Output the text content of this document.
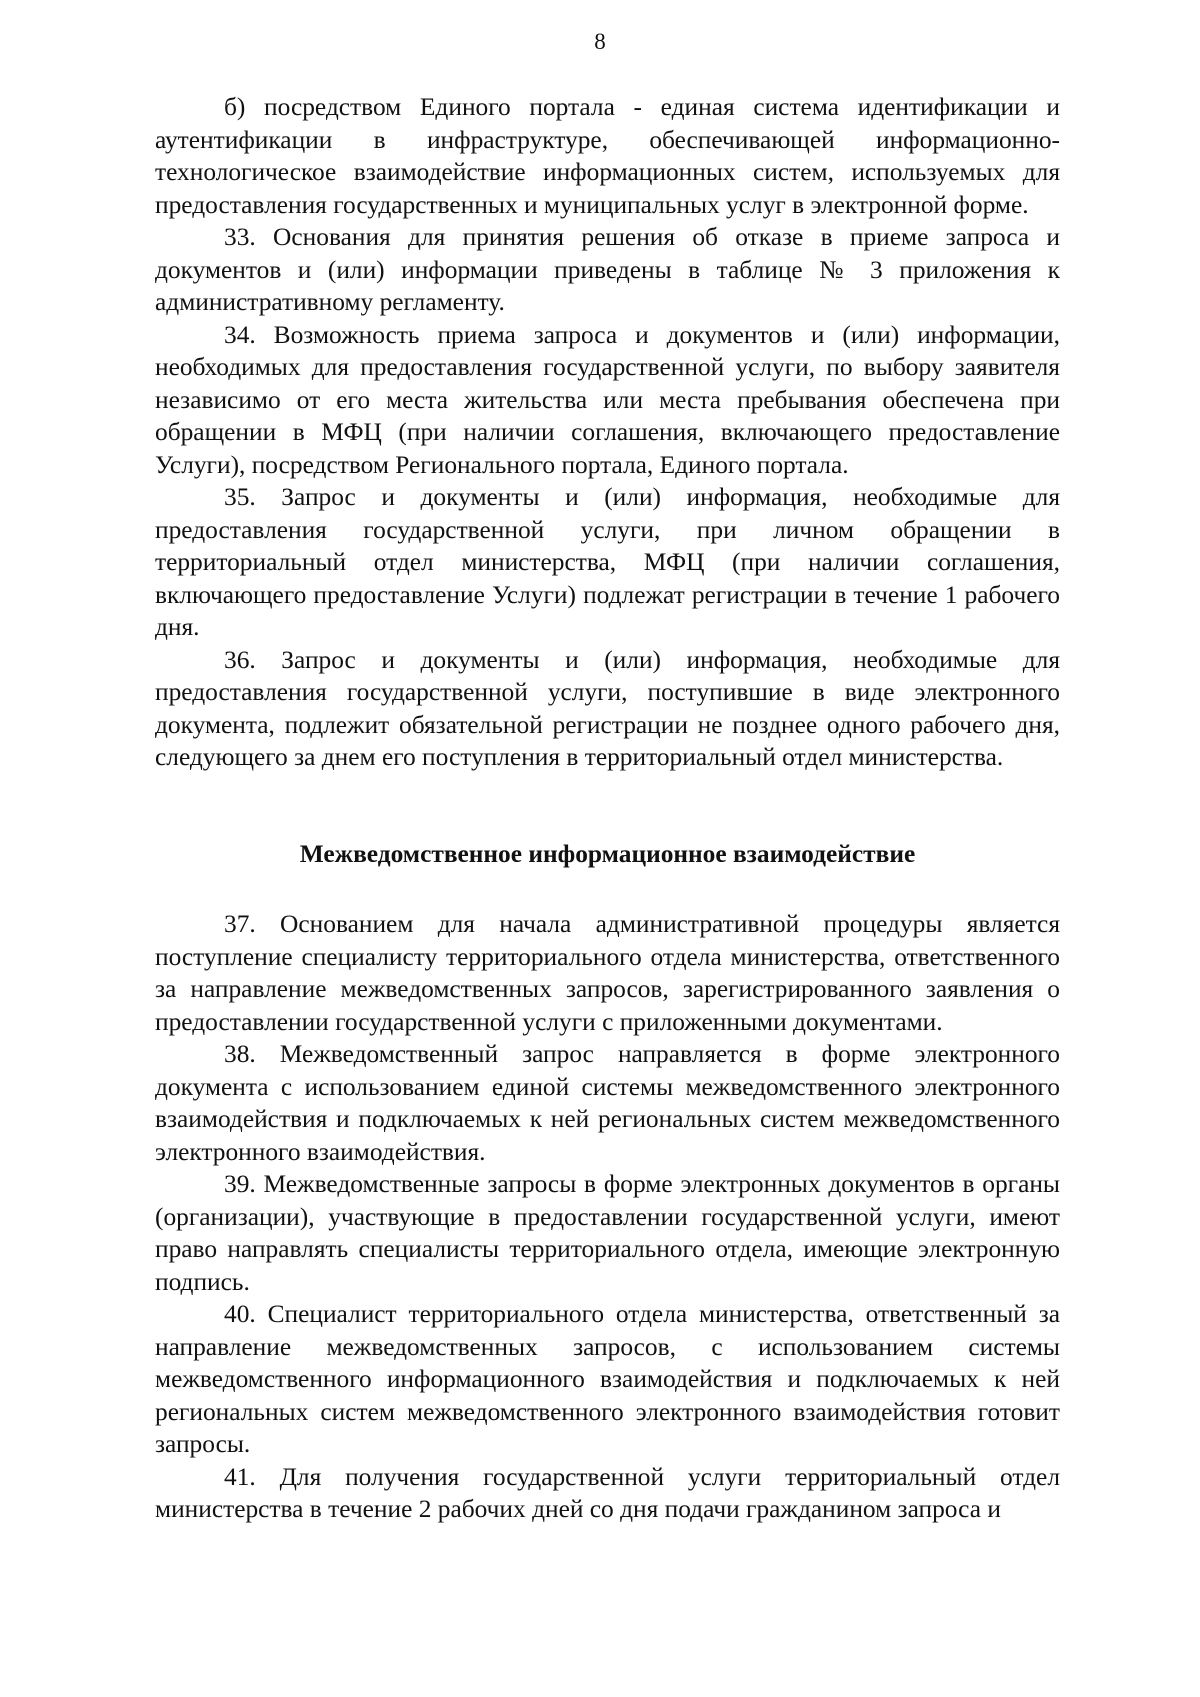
8

б) посредством Единого портала - единая система идентификации и аутентификации в инфраструктуре, обеспечивающей информационно-технологическое взаимодействие информационных систем, используемых для предоставления государственных и муниципальных услуг в электронной форме.

33. Основания для принятия решения об отказе в приеме запроса и документов и (или) информации приведены в таблице № 3 приложения к административному регламенту.

34. Возможность приема запроса и документов и (или) информации, необходимых для предоставления государственной услуги, по выбору заявителя независимо от его места жительства или места пребывания обеспечена при обращении в МФЦ (при наличии соглашения, включающего предоставление Услуги), посредством Регионального портала, Единого портала.

35. Запрос и документы и (или) информация, необходимые для предоставления государственной услуги, при личном обращении в территориальный отдел министерства, МФЦ (при наличии соглашения, включающего предоставление Услуги) подлежат регистрации в течение 1 рабочего дня.

36. Запрос и документы и (или) информация, необходимые для предоставления государственной услуги, поступившие в виде электронного документа, подлежит обязательной регистрации не позднее одного рабочего дня, следующего за днем его поступления в территориальный отдел министерства.

Межведомственное информационное взаимодействие

37. Основанием для начала административной процедуры является поступление специалисту территориального отдела министерства, ответственного за направление межведомственных запросов, зарегистрированного заявления о предоставлении государственной услуги с приложенными документами.

38. Межведомственный запрос направляется в форме электронного документа с использованием единой системы межведомственного электронного взаимодействия и подключаемых к ней региональных систем межведомственного электронного взаимодействия.

39. Межведомственные запросы в форме электронных документов в органы (организации), участвующие в предоставлении государственной услуги, имеют право направлять специалисты территориального отдела, имеющие электронную подпись.

40. Специалист территориального отдела министерства, ответственный за направление межведомственных запросов, с использованием системы межведомственного информационного взаимодействия и подключаемых к ней региональных систем межведомственного электронного взаимодействия готовит запросы.

41. Для получения государственной услуги территориальный отдел министерства в течение 2 рабочих дней со дня подачи гражданином запроса и
